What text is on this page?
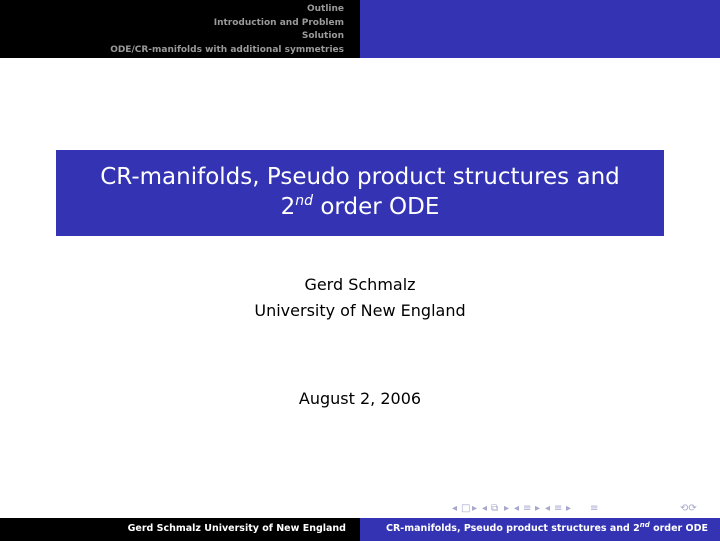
Outline
Introduction and Problem
Solution
ODE/CR-manifolds with additional symmetries
CR-manifolds, Pseudo product structures and
2nd order ODE
Gerd Schmalz
University of New England
August 2, 2006
◂ □ ▸ ◂ ⧉ ▸ ◂ ≡ ▸ ◂ ≡ ▸ ≡	⟲⟳
Gerd Schmalz University of New England	CR-manifolds, Pseudo product structures and 2nd order ODE
